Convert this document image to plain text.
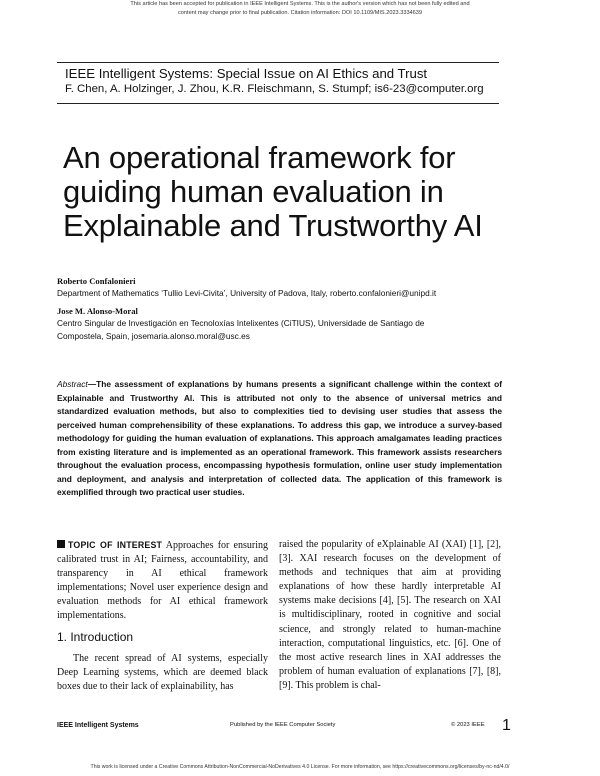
This article has been accepted for publication in IEEE Intelligent Systems. This is the author's version which has not been fully edited and
content may change prior to final publication. Citation information: DOI 10.1109/MIS.2023.3334639
IEEE Intelligent Systems: Special Issue on AI Ethics and Trust
F. Chen, A. Holzinger, J. Zhou, K.R. Fleischmann, S. Stumpf; is6-23@computer.org
An operational framework for
guiding human evaluation in
Explainable and Trustworthy AI
Roberto Confalonieri
Department of Mathematics ‘Tullio Levi-Civita’, University of Padova, Italy, roberto.confalonieri@unipd.it
Jose M. Alonso-Moral
Centro Singular de Investigación en Tecnoloxías Intelixentes (CiTIUS), Universidade de Santiago de
Compostela, Spain, josemaria.alonso.moral@usc.es
Abstract—The assessment of explanations by humans presents a significant challenge within the context of Explainable and Trustworthy AI. This is attributed not only to the absence of universal metrics and standardized evaluation methods, but also to complexities tied to devising user studies that assess the perceived human comprehensibility of these explanations. To address this gap, we introduce a survey-based methodology for guiding the human evaluation of explanations. This approach amalgamates leading practices from existing literature and is implemented as an operational framework. This framework assists researchers throughout the evaluation process, encompassing hypothesis formulation, online user study implementation and deployment, and analysis and interpretation of collected data. The application of this framework is exemplified through two practical user studies.
TOPIC OF INTEREST Approaches for ensuring calibrated trust in AI; Fairness, accountability, and transparency in AI ethical framework implementations; Novel user experience design and evaluation methods for AI ethical framework implementations.
1. Introduction
The recent spread of AI systems, especially Deep Learning systems, which are deemed black boxes due to their lack of explainability, has
raised the popularity of eXplainable AI (XAI) [1], [2], [3]. XAI research focuses on the development of methods and techniques that aim at providing explanations of how these hardly interpretable AI systems make decisions [4], [5]. The research on XAI is multidisciplinary, rooted in cognitive and social science, and strongly related to human-machine interaction, computational linguistics, etc. [6]. One of the most active research lines in XAI addresses the problem of human evaluation of explanations [7], [8], [9]. This problem is chal-
IEEE Intelligent Systems	Published by the IEEE Computer Society	© 2023 IEEE 1
This work is licensed under a Creative Commons Attribution-NonCommercial-NoDerivatives 4.0 License. For more information, see https://creativecommons.org/licenses/by-nc-nd/4.0/
